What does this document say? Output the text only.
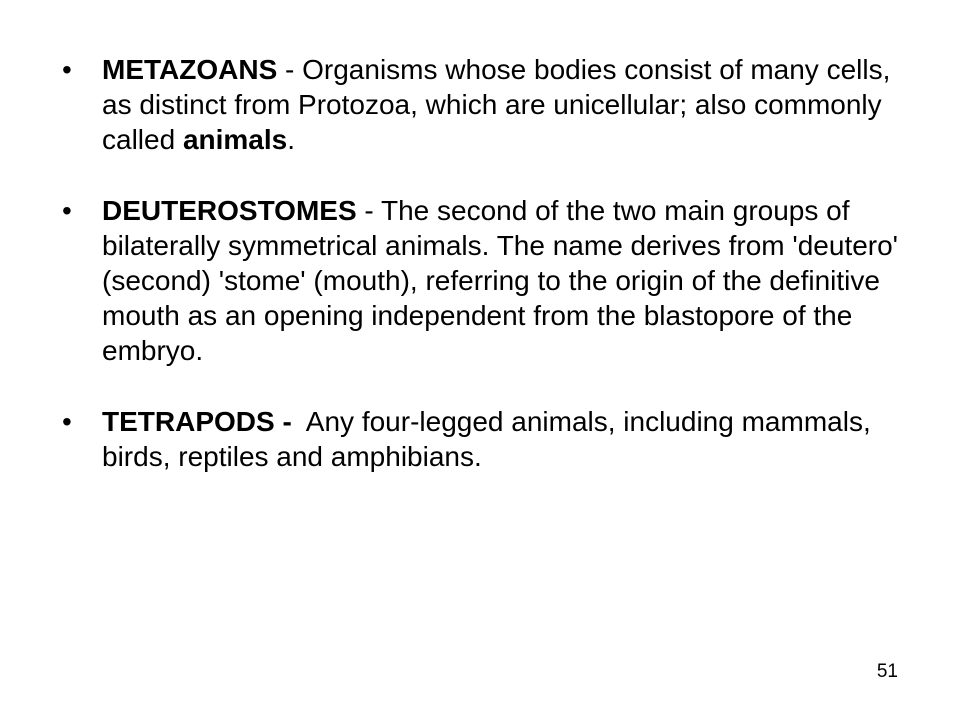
•	METAZOANS - Organisms whose bodies consist of many cells, as distinct from Protozoa, which are unicellular; also commonly called animals.
•	DEUTEROSTOMES - The second of the two main groups of bilaterally symmetrical animals. The name derives from 'deutero' (second) 'stome' (mouth), referring to the origin of the definitive mouth as an opening independent from the blastopore of the embryo.
•	TETRAPODS -  Any four-legged animals, including mammals, birds, reptiles and amphibians.
51
